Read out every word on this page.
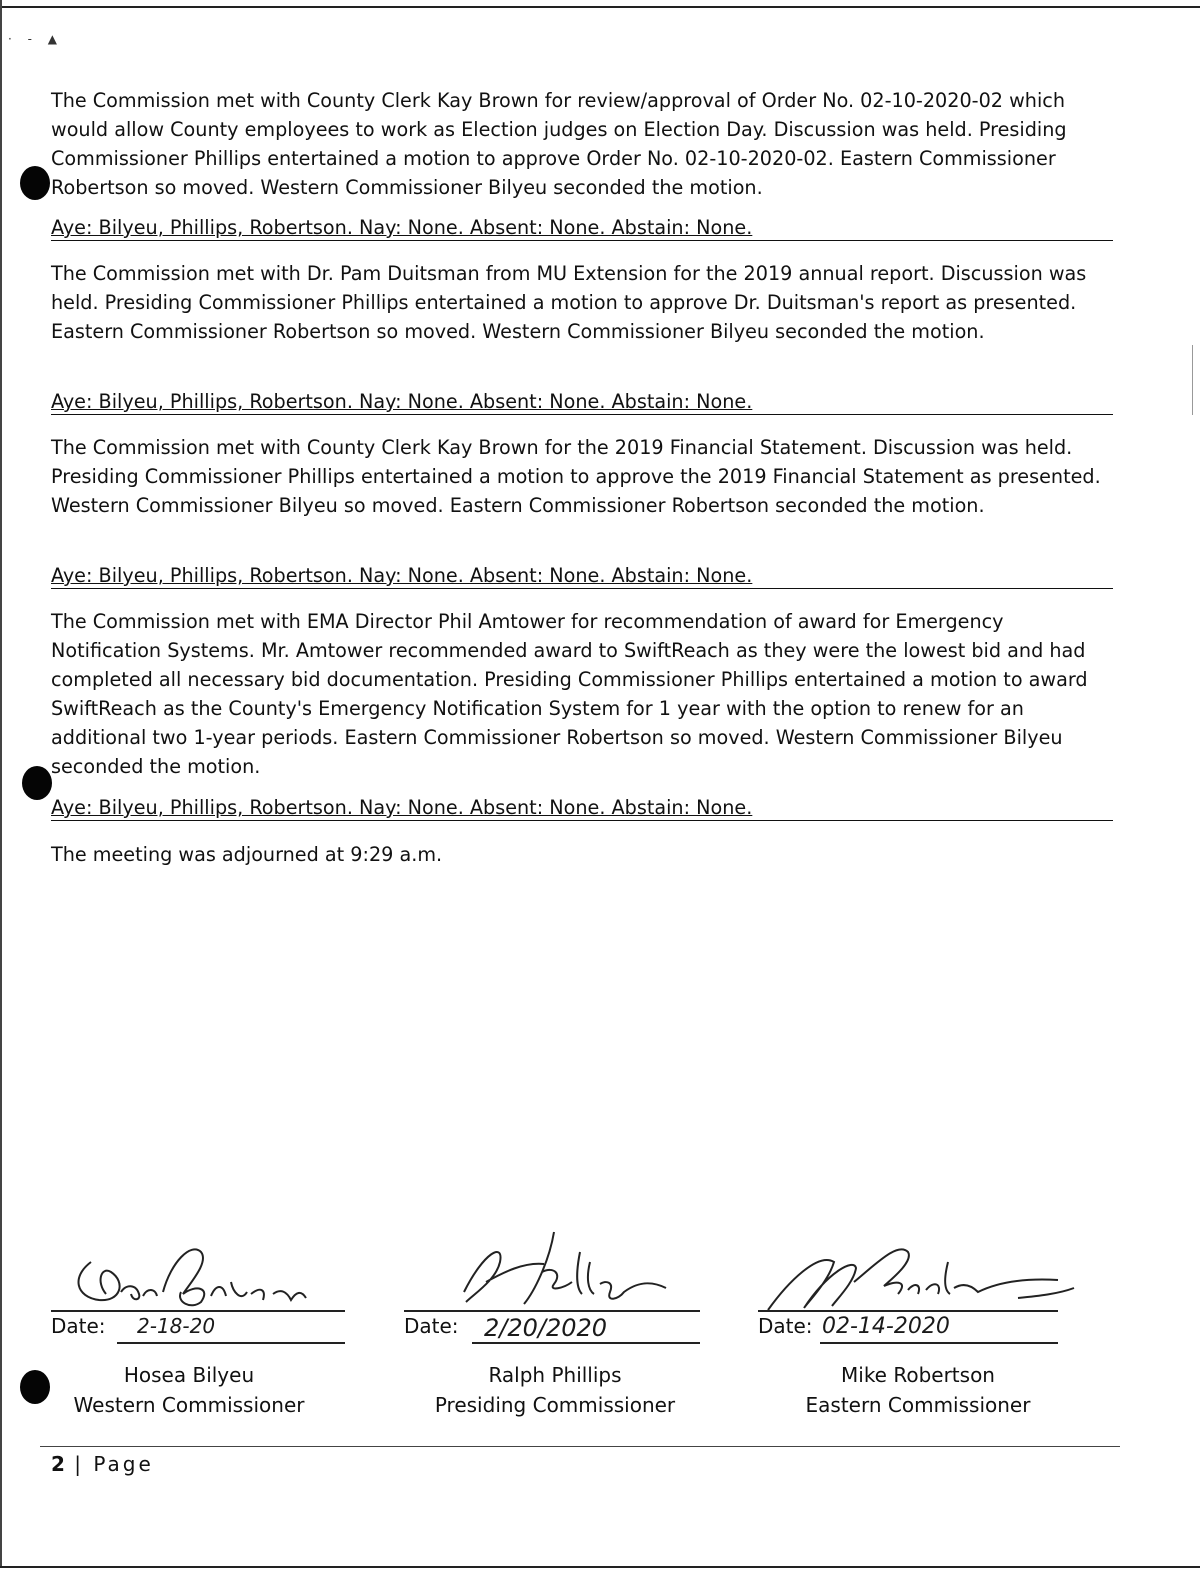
· - ▲

The Commission met with County Clerk Kay Brown for review/approval of Order No. 02-10-2020-02 which would allow County employees to work as Election judges on Election Day. Discussion was held. Presiding Commissioner Phillips entertained a motion to approve Order No. 02-10-2020-02. Eastern Commissioner Robertson so moved. Western Commissioner Bilyeu seconded the motion.

Aye: Bilyeu, Phillips, Robertson. Nay: None. Absent: None. Abstain: None.

The Commission met with Dr. Pam Duitsman from MU Extension for the 2019 annual report. Discussion was held. Presiding Commissioner Phillips entertained a motion to approve Dr. Duitsman's report as presented. Eastern Commissioner Robertson so moved. Western Commissioner Bilyeu seconded the motion.

Aye: Bilyeu, Phillips, Robertson. Nay: None. Absent: None. Abstain: None.

The Commission met with County Clerk Kay Brown for the 2019 Financial Statement. Discussion was held. Presiding Commissioner Phillips entertained a motion to approve the 2019 Financial Statement as presented. Western Commissioner Bilyeu so moved. Eastern Commissioner Robertson seconded the motion.

Aye: Bilyeu, Phillips, Robertson. Nay: None. Absent: None. Abstain: None.

The Commission met with EMA Director Phil Amtower for recommendation of award for Emergency Notification Systems. Mr. Amtower recommended award to SwiftReach as they were the lowest bid and had completed all necessary bid documentation. Presiding Commissioner Phillips entertained a motion to award SwiftReach as the County's Emergency Notification System for 1 year with the option to renew for an additional two 1-year periods. Eastern Commissioner Robertson so moved. Western Commissioner Bilyeu seconded the motion.

Aye: Bilyeu, Phillips, Robertson. Nay: None. Absent: None. Abstain: None.

The meeting was adjourned at 9:29 a.m.

Date: 2-18-20
Hosea Bilyeu
Western Commissioner
Date: 2/20/2020
Ralph Phillips
Presiding Commissioner
Date: 02-14-2020
Mike Robertson
Eastern Commissioner
2 | Page
